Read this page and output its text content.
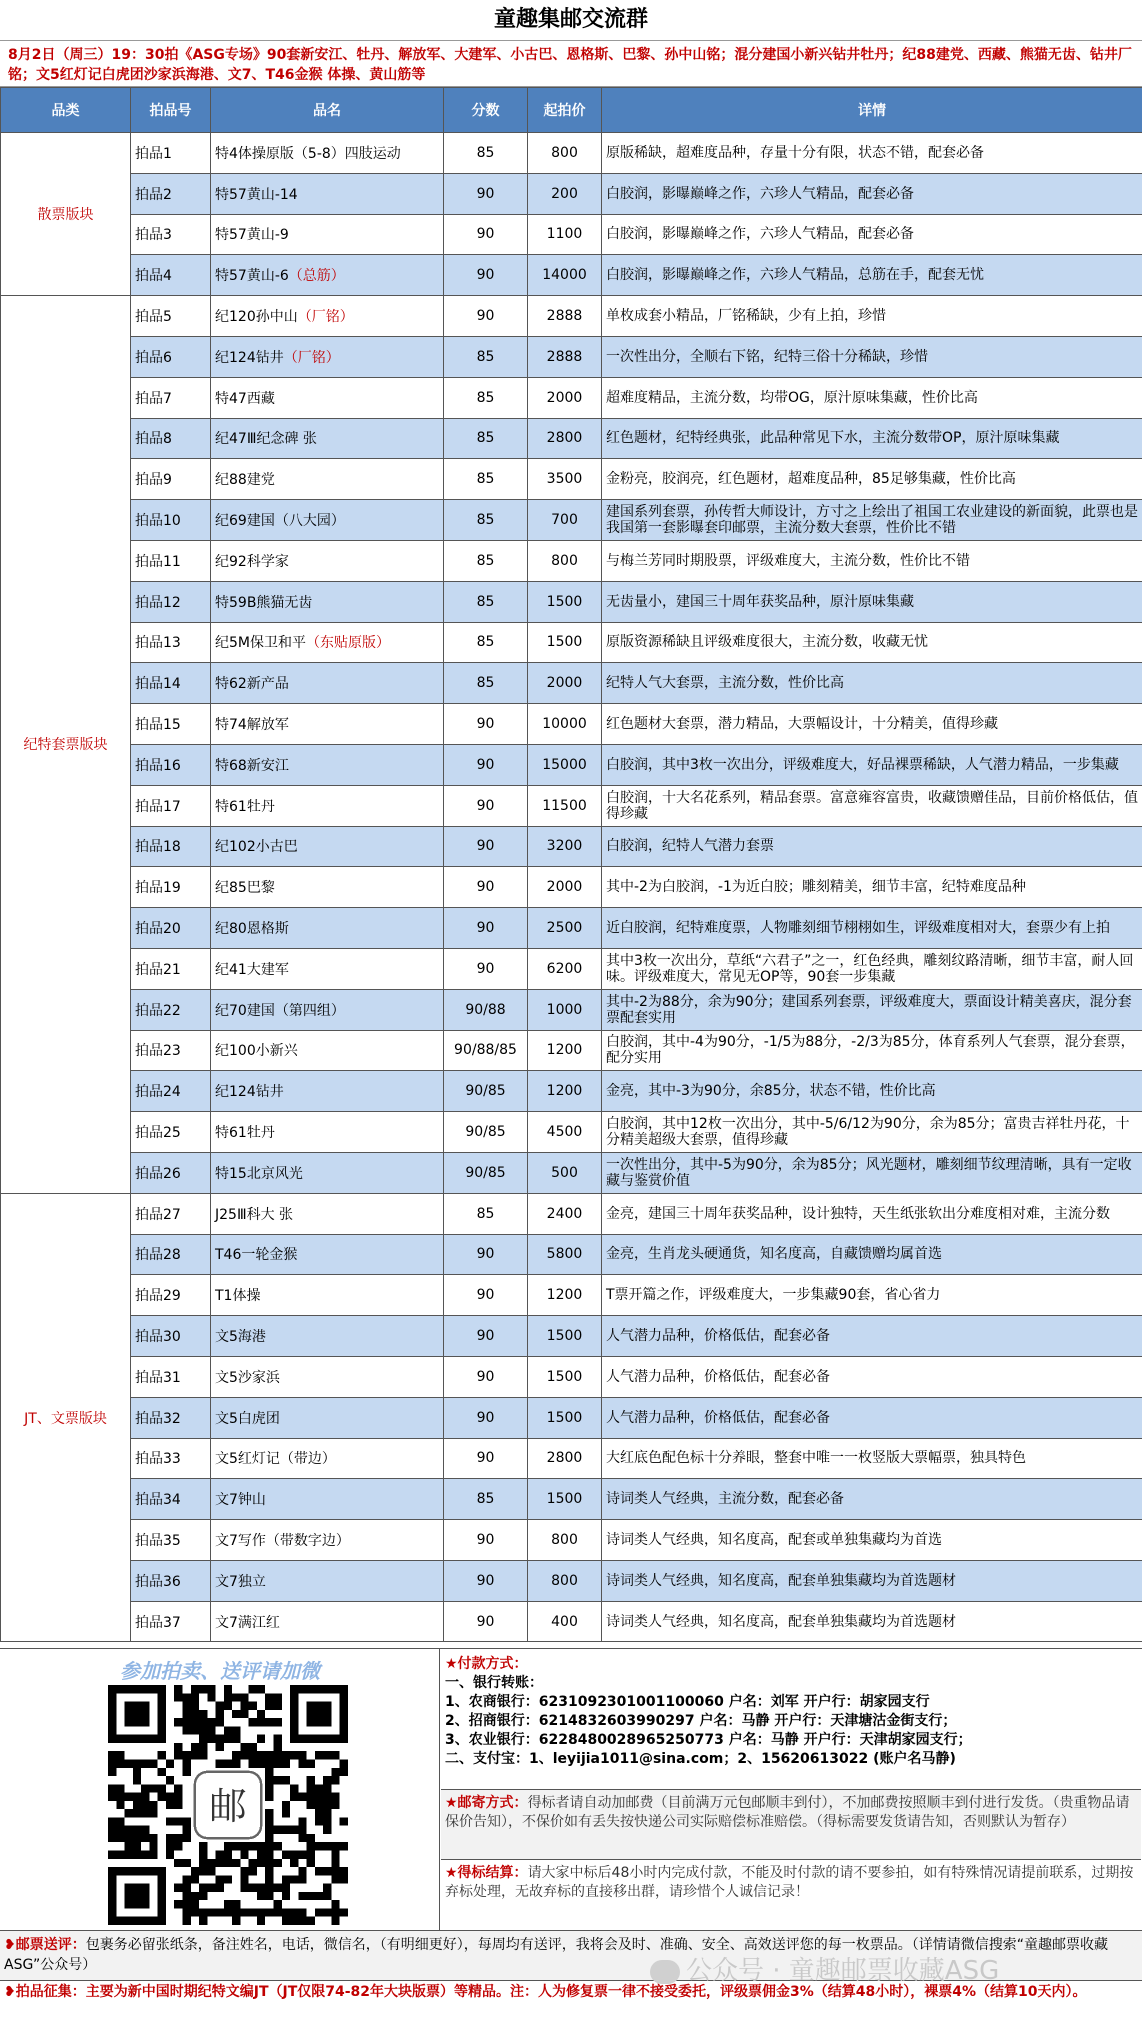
童趣集邮交流群
8月2日（周三）19：30拍《ASG专场》90套新安江、牡丹、解放军、大建军、小古巴、恩格斯、巴黎、孙中山铭；混分建国小新兴钻井牡丹；纪88建党、西藏、熊猫无齿、钻井厂铭；文5红灯记白虎团沙家浜海港、文7、T46金猴 体操、黄山筋等
品类	拍品号	品名	分数	起拍价	详情
散票版块	拍品1	特4体操原版（5-8）四肢运动	85	800	原版稀缺，超难度品种，存量十分有限，状态不错，配套必备
	拍品2	特57黄山-14	90	200	白胶润，影曝巅峰之作，六珍人气精品，配套必备
	拍品3	特57黄山-9	90	1100	白胶润，影曝巅峰之作，六珍人气精品，配套必备
	拍品4	特57黄山-6（总筋）	90	14000	白胶润，影曝巅峰之作，六珍人气精品，总筋在手，配套无忧
纪特套票版块	拍品5	纪120孙中山（厂铭）	90	2888	单枚成套小精品，厂铭稀缺，少有上拍，珍惜
	拍品6	纪124钻井（厂铭）	85	2888	一次性出分，全顺右下铭，纪特三俗十分稀缺，珍惜
	拍品7	特47西藏	85	2000	超难度精品，主流分数，均带OG，原汁原味集藏，性价比高
	拍品8	纪47Ⅲ纪念碑 张	85	2800	红色题材，纪特经典张，此品种常见下水，主流分数带OP，原汁原味集藏
	拍品9	纪88建党	85	3500	金粉亮，胶润亮，红色题材，超难度品种，85足够集藏，性价比高
	拍品10	纪69建国（八大园）	85	700	建国系列套票，孙传哲大师设计，方寸之上绘出了祖国工农业建设的新面貌，此票也是我国第一套影曝套印邮票，主流分数大套票，性价比不错
	拍品11	纪92科学家	85	800	与梅兰芳同时期股票，评级难度大，主流分数，性价比不错
	拍品12	特59B熊猫无齿	85	1500	无齿量小，建国三十周年获奖品种，原汁原味集藏
	拍品13	纪5M保卫和平（东贴原版）	85	1500	原版资源稀缺且评级难度很大，主流分数，收藏无忧
	拍品14	特62新产品	85	2000	纪特人气大套票，主流分数，性价比高
	拍品15	特74解放军	90	10000	红色题材大套票，潜力精品，大票幅设计，十分精美，值得珍藏
	拍品16	特68新安江	90	15000	白胶润，其中3枚一次出分，评级难度大，好品裸票稀缺，人气潜力精品，一步集藏
	拍品17	特61牡丹	90	11500	白胶润，十大名花系列，精品套票。富意雍容富贵，收藏馈赠佳品，目前价格低估，值得珍藏
	拍品18	纪102小古巴	90	3200	白胶润，纪特人气潜力套票
	拍品19	纪85巴黎	90	2000	其中-2为白胶润，-1为近白胶；雕刻精美，细节丰富，纪特难度品种
	拍品20	纪80恩格斯	90	2500	近白胶润，纪特难度票，人物雕刻细节栩栩如生，评级难度相对大，套票少有上拍
	拍品21	纪41大建军	90	6200	其中3枚一次出分，草纸“六君子”之一，红色经典，雕刻纹路清晰，细节丰富，耐人回味。评级难度大，常见无OP等，90套一步集藏
	拍品22	纪70建国（第四组）	90/88	1000	其中-2为88分，余为90分；建国系列套票，评级难度大，票面设计精美喜庆，混分套票配套实用
	拍品23	纪100小新兴	90/88/85	1200	白胶润，其中-4为90分，-1/5为88分，-2/3为85分，体育系列人气套票，混分套票，配分实用
	拍品24	纪124钻井	90/85	1200	金亮，其中-3为90分，余85分，状态不错，性价比高
	拍品25	特61牡丹	90/85	4500	白胶润，其中12枚一次出分，其中-5/6/12为90分，余为85分；富贵吉祥牡丹花，十分精美超级大套票，值得珍藏
	拍品26	特15北京风光	90/85	500	一次性出分，其中-5为90分，余为85分；风光题材，雕刻细节纹理清晰，具有一定收藏与鉴赏价值
JT、文票版块	拍品27	J25Ⅲ科大 张	85	2400	金亮，建国三十周年获奖品种，设计独特，天生纸张软出分难度相对难，主流分数
	拍品28	T46一轮金猴	90	5800	金亮，生肖龙头硬通货，知名度高，自藏馈赠均属首选
	拍品29	T1体操	90	1200	T票开篇之作，评级难度大，一步集藏90套，省心省力
	拍品30	文5海港	90	1500	人气潜力品种，价格低估，配套必备
	拍品31	文5沙家浜	90	1500	人气潜力品种，价格低估，配套必备
	拍品32	文5白虎团	90	1500	人气潜力品种，价格低估，配套必备
	拍品33	文5红灯记（带边）	90	2800	大红底色配色标十分养眼，整套中唯一一枚竖版大票幅票，独具特色
	拍品34	文7钟山	85	1500	诗词类人气经典，主流分数，配套必备
	拍品35	文7写作（带数字边）	90	800	诗词类人气经典，知名度高，配套或单独集藏均为首选
	拍品36	文7独立	90	800	诗词类人气经典，知名度高，配套单独集藏均为首选题材
	拍品37	文7满江红	90	400	诗词类人气经典，知名度高，配套单独集藏均为首选题材
参加拍卖、送评请加微
邮
★付款方式：
一、银行转账：
1、农商银行：6231092301001100060 户名：刘军 开户行：胡家园支行
2、招商银行：6214832603990297 户名：马静 开户行：天津塘沽金街支行；
3、农业银行：6228480028965250773 户名：马静 开户行：天津胡家园支行；
二、支付宝：1、leyijia1011@sina.com；2、15620613022 (账户名马静)
★邮寄方式：得标者请自动加邮费（目前满万元包邮顺丰到付），不加邮费按照顺丰到付进行发货。（贵重物品请保价告知），不保价如有丢失按快递公司实际赔偿标准赔偿。（得标需要发货请告知，否则默认为暂存）
★得标结算：请大家中标后48小时内完成付款，不能及时付款的请不要参拍，如有特殊情况请提前联系，过期按弃标处理，无故弃标的直接移出群，请珍惜个人诚信记录！
❥邮票送评：包裹务必留张纸条，备注姓名，电话，微信名，（有明细更好），每周均有送评，我将会及时、准确、安全、高效送评您的每一枚票品。（详情请微信搜索“童趣邮票收藏ASG”公众号）
❥拍品征集：主要为新中国时期纪特文编JT（JT仅限74-82年大块版票）等精品。注：人为修复票一律不接受委托，评级票佣金3%（结算48小时），裸票4%（结算10天内）。
公众号 · 童趣邮票收藏ASG
